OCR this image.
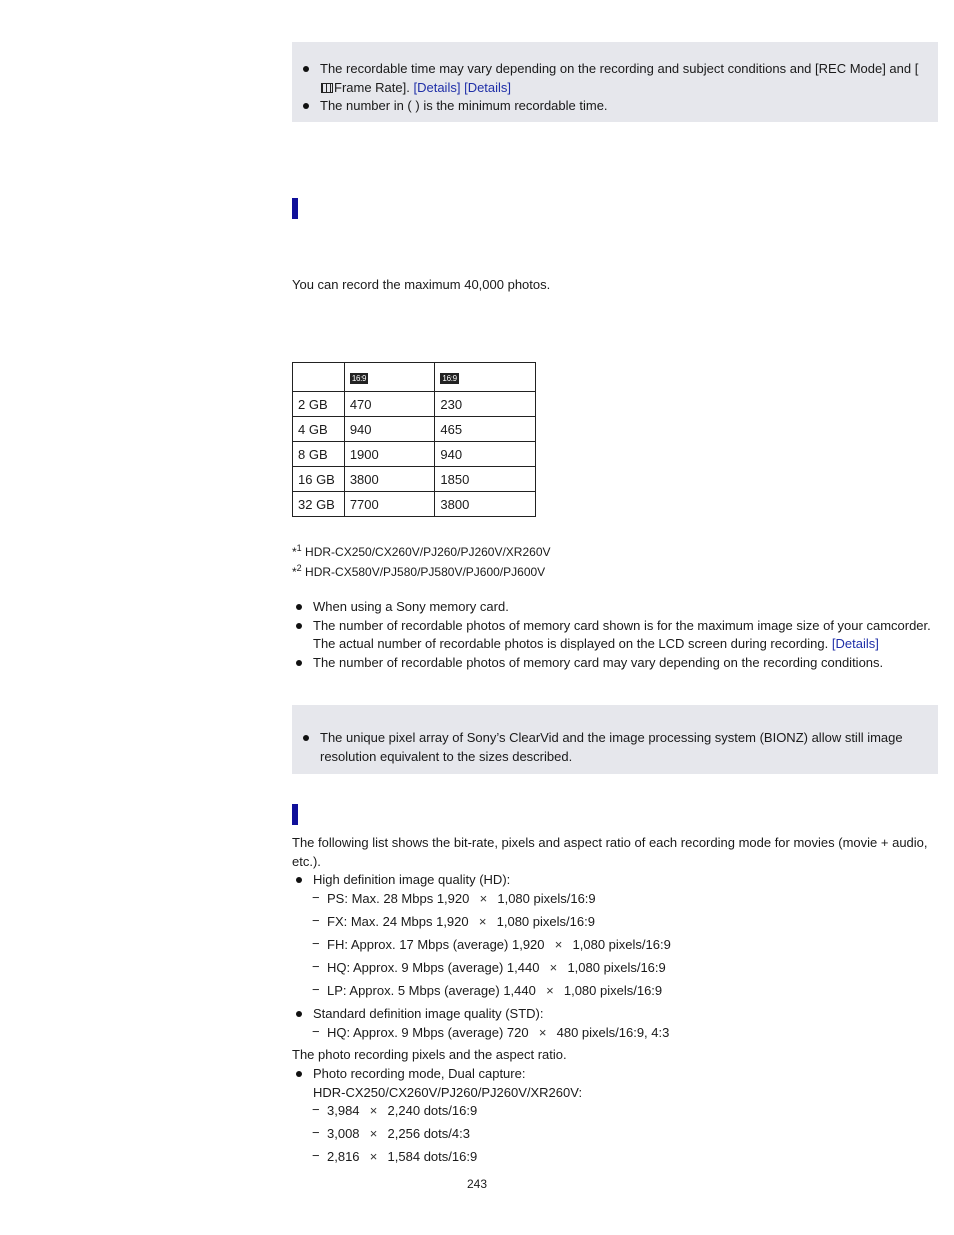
The recordable time may vary depending on the recording and subject conditions and [REC Mode] and [Frame Rate]. [Details] [Details]
The number in ( ) is the minimum recordable time.
You can record the maximum 40,000 photos.
	16:9	16:9
2 GB	470	230
4 GB	940	465
8 GB	1900	940
16 GB	3800	1850
32 GB	7700	3800
*$^1$ HDR-CX250/CX260V/PJ260/PJ260V/XR260V
*$^2$ HDR-CX580V/PJ580/PJ580V/PJ600/PJ600V
When using a Sony memory card.
The number of recordable photos of memory card shown is for the maximum image size of your camcorder. The actual number of recordable photos is displayed on the LCD screen during recording. [Details]
The number of recordable photos of memory card may vary depending on the recording conditions.
The unique pixel array of Sony’s ClearVid and the image processing system (BIONZ) allow still image resolution equivalent to the sizes described.
The following list shows the bit-rate, pixels and aspect ratio of each recording mode for movies (movie + audio, etc.).
High definition image quality (HD):
−
PS: Max. 28 Mbps 1,920 × 1,080 pixels/16:9
−
FX: Max. 24 Mbps 1,920 × 1,080 pixels/16:9
−
FH: Approx. 17 Mbps (average) 1,920 × 1,080 pixels/16:9
−
HQ: Approx. 9 Mbps (average) 1,440 × 1,080 pixels/16:9
−
LP: Approx. 5 Mbps (average) 1,440 × 1,080 pixels/16:9
Standard definition image quality (STD):
−
HQ: Approx. 9 Mbps (average) 720 × 480 pixels/16:9, 4:3
The photo recording pixels and the aspect ratio.
Photo recording mode, Dual capture:
HDR-CX250/CX260V/PJ260/PJ260V/XR260V:
−
3,984 × 2,240 dots/16:9
−
3,008 × 2,256 dots/4:3
−
2,816 × 1,584 dots/16:9
243
